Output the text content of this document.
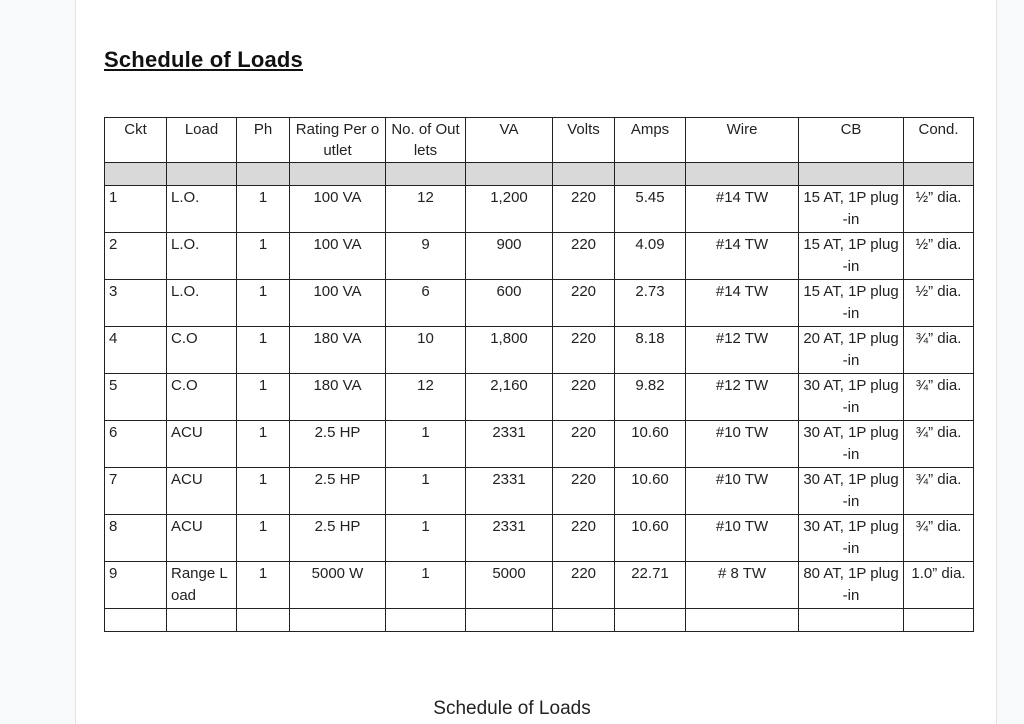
Schedule of Loads
Ckt	Load	Ph	Rating Per outlet	No. of Outlets	VA	Volts	Amps	Wire	CB	Cond.

1	L.O.	1	100 VA	12	1,200	220	5.45	#14 TW	15 AT, 1P plug-in	½” dia.
2	L.O.	1	100 VA	9	900	220	4.09	#14 TW	15 AT, 1P plug-in	½” dia.
3	L.O.	1	100 VA	6	600	220	2.73	#14 TW	15 AT, 1P plug-in	½” dia.
4	C.O	1	180 VA	10	1,800	220	8.18	#12 TW	20 AT, 1P plug-in	¾” dia.
5	C.O	1	180 VA	12	2,160	220	9.82	#12 TW	30 AT, 1P plug-in	¾” dia.
6	ACU	1	2.5 HP	1	2331	220	10.60	#10 TW	30 AT, 1P plug-in	¾” dia.
7	ACU	1	2.5 HP	1	2331	220	10.60	#10 TW	30 AT, 1P plug-in	¾” dia.
8	ACU	1	2.5 HP	1	2331	220	10.60	#10 TW	30 AT, 1P plug-in	¾” dia.
9	Range Load	1	5000 W	1	5000	220	22.71	# 8 TW	80 AT, 1P plug-in	1.0” dia.

Schedule of Loads
